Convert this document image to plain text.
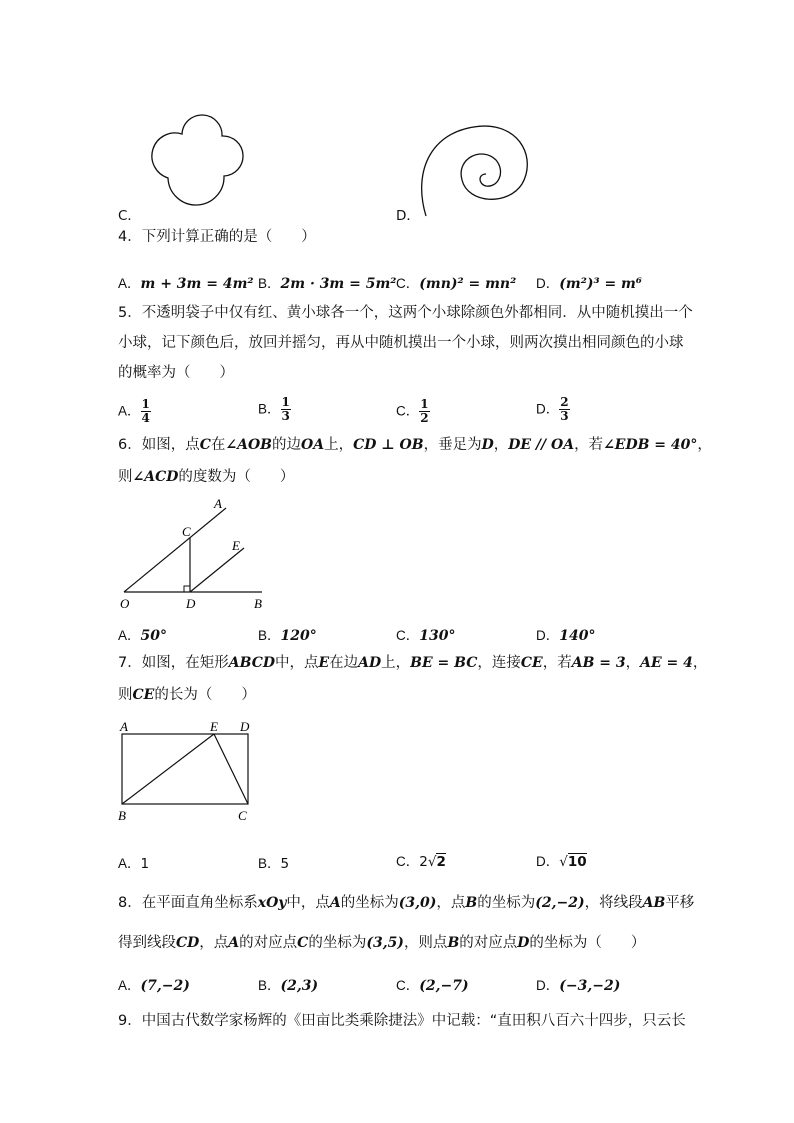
C．	D．
4．下列计算正确的是（　　）
A．m + 3m = 4m² B．2m · 3m = 5m² C．(mn)² = mn² D．(m²)³ = m⁶
5．不透明袋子中仅有红、黄小球各一个，这两个小球除颜色外都相同．从中随机摸出一个
小球，记下颜色后，放回并摇匀，再从中随机摸出一个小球，则两次摸出相同颜色的小球
的概率为（　　）
A． $\frac{1}{4}$	B． $\frac{1}{3}$	C． $\frac{1}{2}$	D． $\frac{2}{3}$
6．如图，点C在∠AOB的边OA上，CD ⊥ OB，垂足为D，DE // OA，若∠EDB = 40°，
则∠ACD的度数为（　　）
A
C
E
O	D	B
A．50°	B．120°	C．130°	D．140°
7．如图，在矩形ABCD中，点E在边AD上，BE = BC，连接CE，若AB = 3，AE = 4，
则CE的长为（　　）
A	E D
B	C
A．1	B．5	C．2√2	D．√10
8．在平面直角坐标系xOy中，点A的坐标为(3,0)，点B的坐标为(2,−2)，将线段AB平移
得到线段CD，点A的对应点C的坐标为(3,5)，则点B的对应点D的坐标为（　　）
A．(7,−2)	B．(2,3)	C．(2,−7)	D．(−3,−2)
9．中国古代数学家杨辉的《田亩比类乘除捷法》中记载：“直田积八百六十四步，只云长
